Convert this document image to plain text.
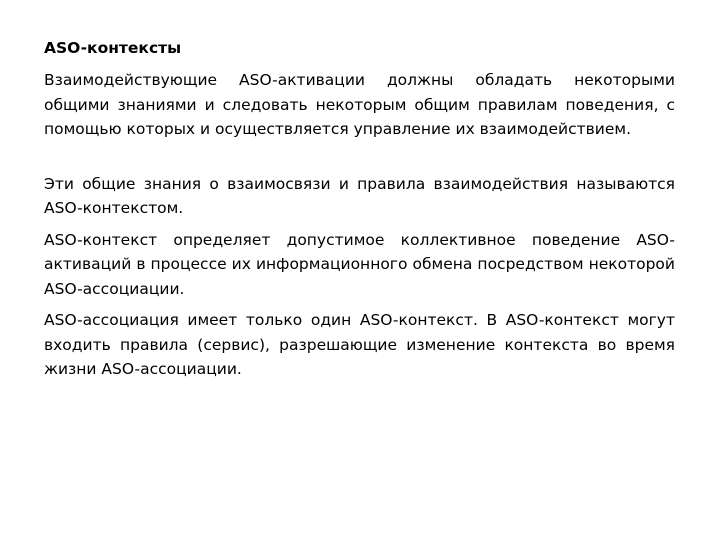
ASO-контексты

Взаимодействующие ASO-активации должны обладать некоторыми общими знаниями и следовать некоторым общим правилам поведения, с помощью которых и осуществляется управление их взаимодействием.

Эти общие знания о взаимосвязи и правила взаимодействия называются ASO-контекстом.

ASO-контекст определяет допустимое коллективное поведение ASO-активаций в процессе их информационного обмена посредством некоторой ASO-ассоциации.

ASO-ассоциация имеет только один ASO-контекст. В ASO-контекст могут входить правила (сервис), разрешающие изменение контекста во время жизни ASO-ассоциации.
